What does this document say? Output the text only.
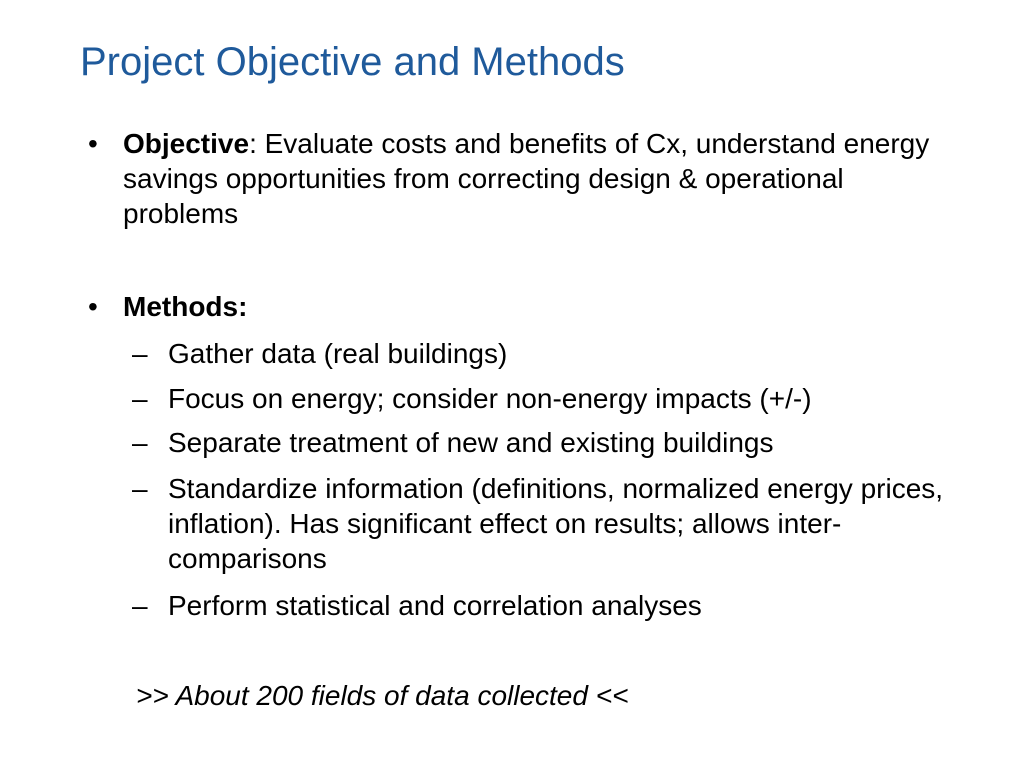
Project Objective and Methods
• Objective: Evaluate costs and benefits of Cx, understand energy savings opportunities from correcting design & operational problems
• Methods:
– Gather data (real buildings)
– Focus on energy; consider non-energy impacts (+/-)
– Separate treatment of new and existing buildings
– Standardize information (definitions, normalized energy prices, inflation). Has significant effect on results; allows inter-comparisons
– Perform statistical and correlation analyses
>> About 200 fields of data collected <<
